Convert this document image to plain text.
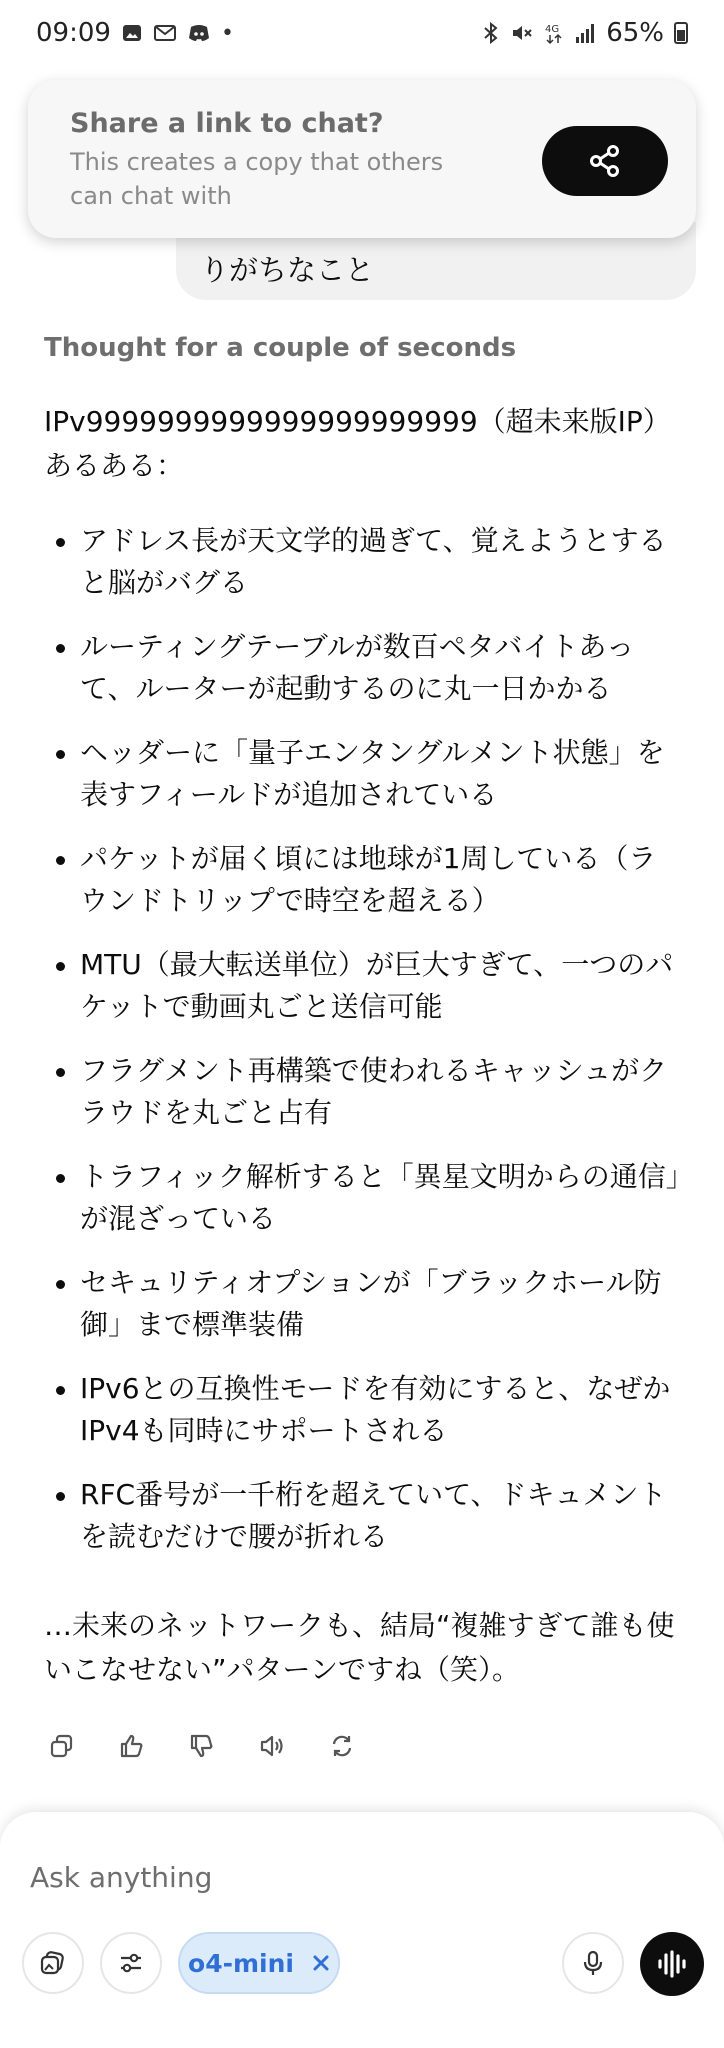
09:09	•	4G 65%
りがちなこと
Share a link to chat?
This creates a copy that others can chat with
Thought for a couple of seconds
IPv9999999999999999999999（超未来版IP）あるある：
アドレス長が天文学的過ぎて、覚えようとすると脳がバグる
ルーティングテーブルが数百ペタバイトあって、ルーターが起動するのに丸一日かかる
ヘッダーに「量子エンタングルメント状態」を表すフィールドが追加されている
パケットが届く頃には地球が1周している（ラウンドトリップで時空を超える）
MTU（最大転送単位）が巨大すぎて、一つのパケットで動画丸ごと送信可能
フラグメント再構築で使われるキャッシュがクラウドを丸ごと占有
トラフィック解析すると「異星文明からの通信」が混ざっている
セキュリティオプションが「ブラックホール防御」まで標準装備
IPv6との互換性モードを有効にすると、なぜかIPv4も同時にサポートされる
RFC番号が一千桁を超えていて、ドキュメントを読むだけで腰が折れる
…未来のネットワークも、結局“複雑すぎて誰も使いこなせない”パターンですね（笑）。
Ask anything
o4-mini
